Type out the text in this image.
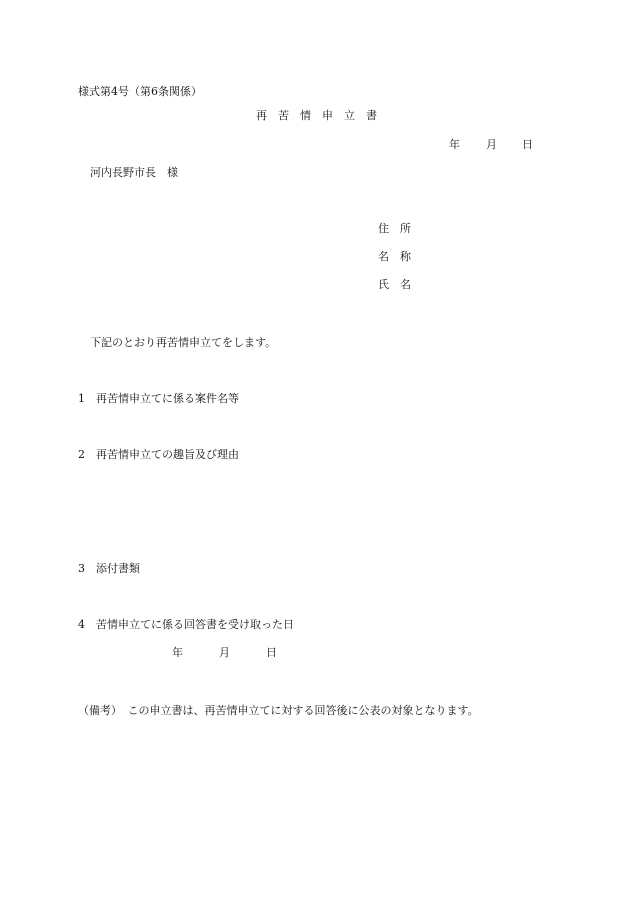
様式第4号（第6条関係）
再　苦　情　申　立　書
年 月 日
河内長野市長　様
住　所
名　称
氏　名
下記のとおり再苦情申立てをします。
1　再苦情申立てに係る案件名等
2　再苦情申立ての趣旨及び理由
3　添付書類
4　苦情申立てに係る回答書を受け取った日
年	月	日
（備考）　この申立書は、再苦情申立てに対する回答後に公表の対象となります。
